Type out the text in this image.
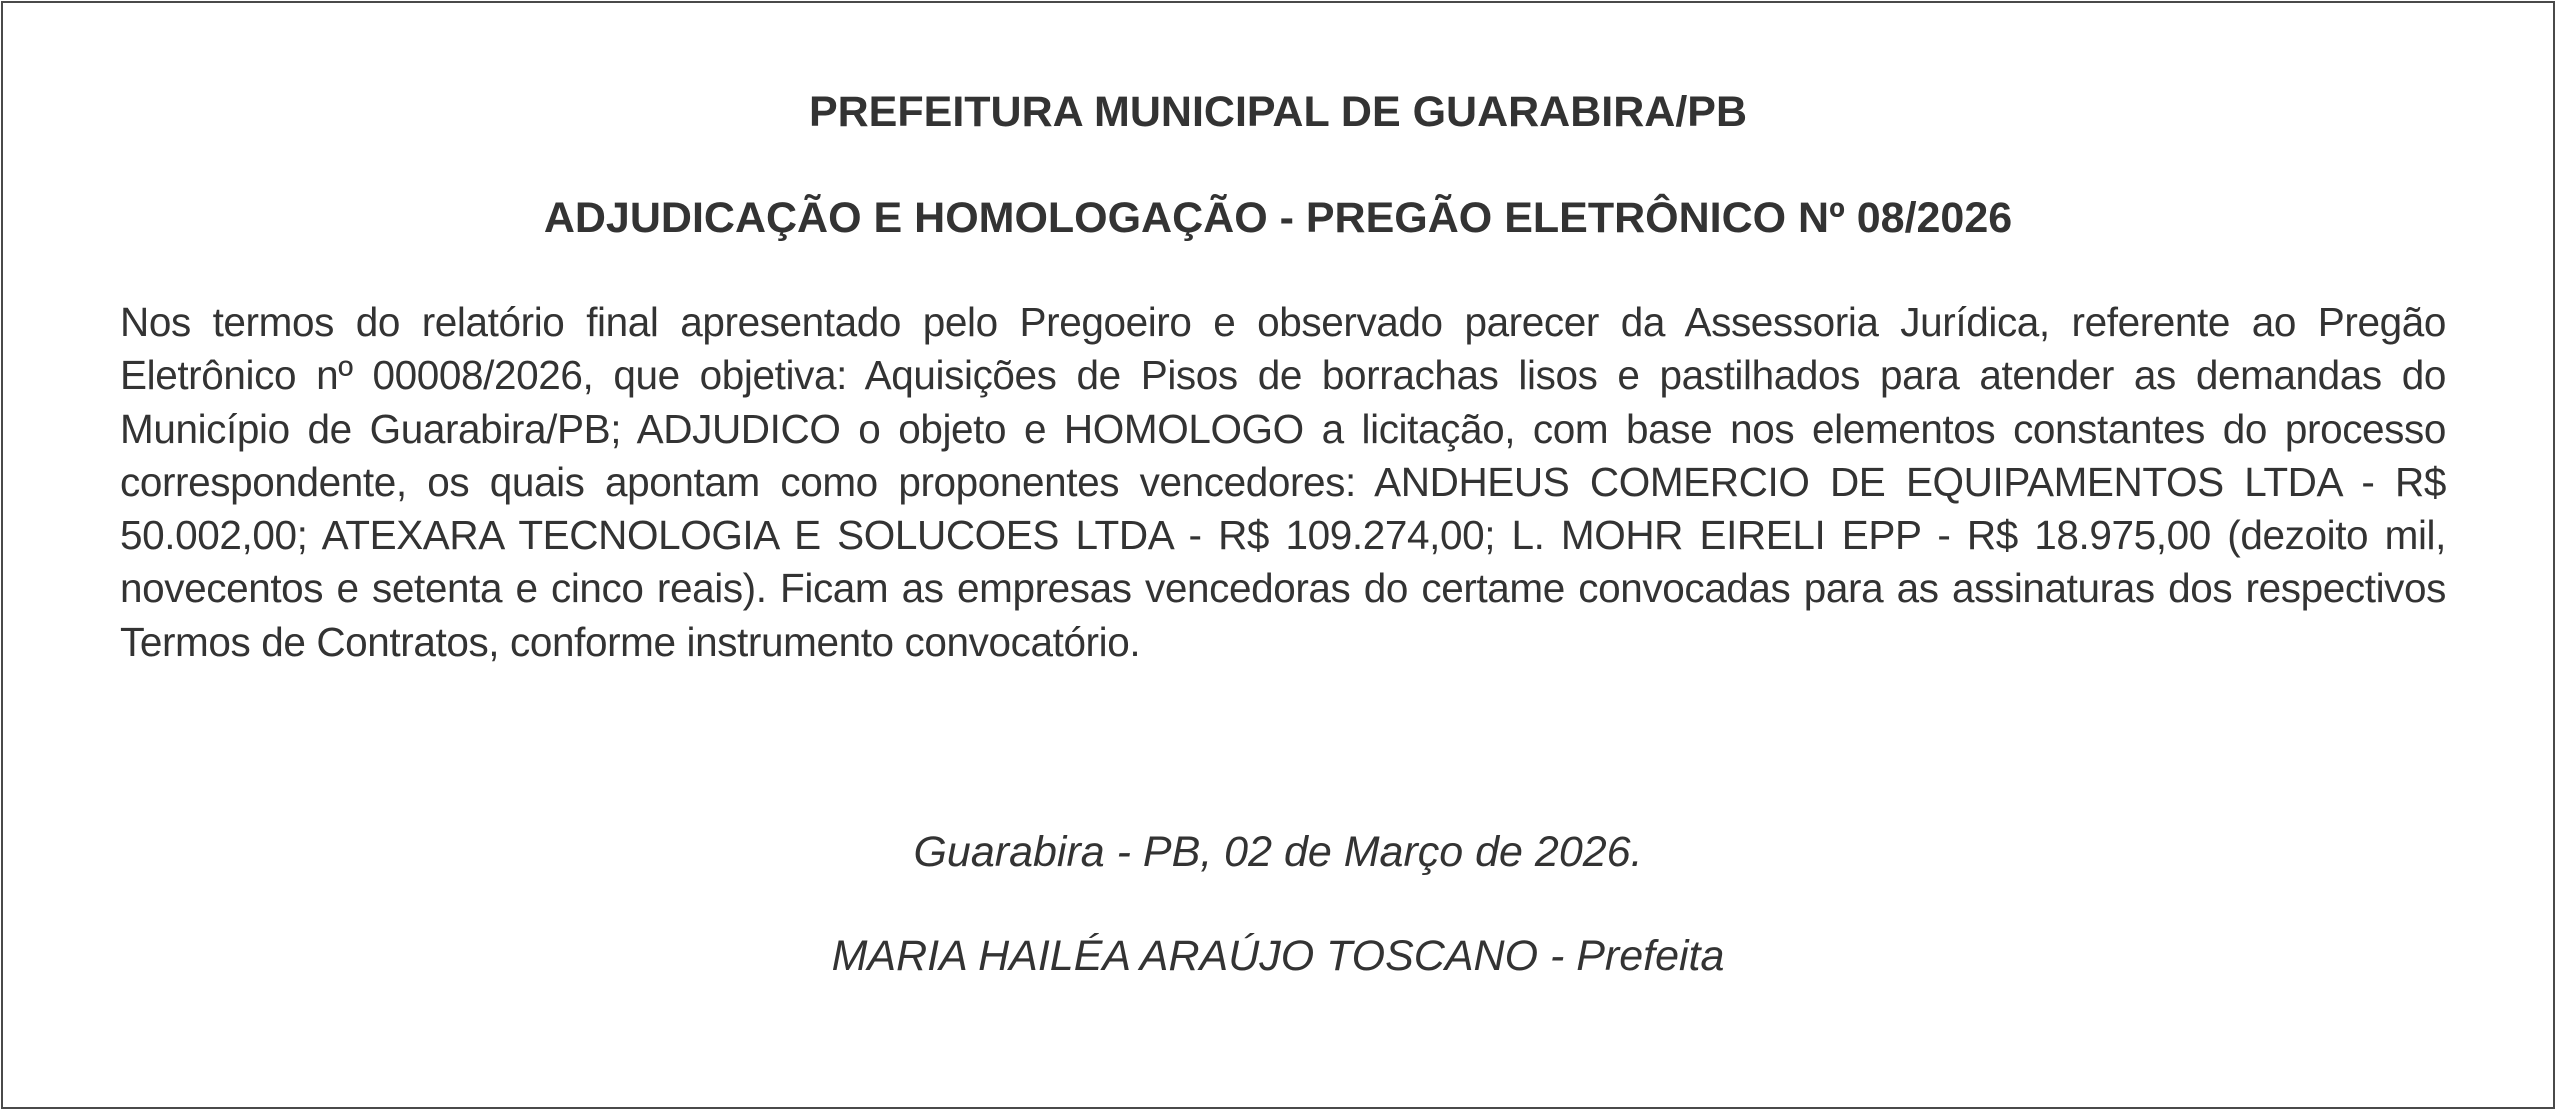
PREFEITURA MUNICIPAL DE GUARABIRA/PB
ADJUDICAÇÃO E HOMOLOGAÇÃO - PREGÃO ELETRÔNICO Nº 08/2026

Nos termos do relatório final apresentado pelo Pregoeiro e observado parecer da Assessoria Jurídica, referente ao Pregão Eletrônico nº 00008/2026, que objetiva: Aquisições de Pisos de borrachas lisos e pastilhados para atender as demandas do Município de Guarabira/PB; ADJUDICO o objeto e HOMOLOGO a licitação, com base nos elementos constantes do processo correspondente, os quais apontam como proponentes vencedores: ANDHEUS COMERCIO DE EQUIPAMENTOS LTDA - R$ 50.002,00; ATEXARA TECNOLOGIA E SOLUCOES LTDA - R$ 109.274,00; L. MOHR EIRELI EPP - R$ 18.975,00 (dezoito mil, novecentos e setenta e cinco reais). Ficam as empresas vencedoras do certame convocadas para as assinaturas dos respectivos Termos de Contratos, conforme instrumento convocatório.

Guarabira - PB, 02 de Março de 2026.
MARIA HAILÉA ARAÚJO TOSCANO - Prefeita
